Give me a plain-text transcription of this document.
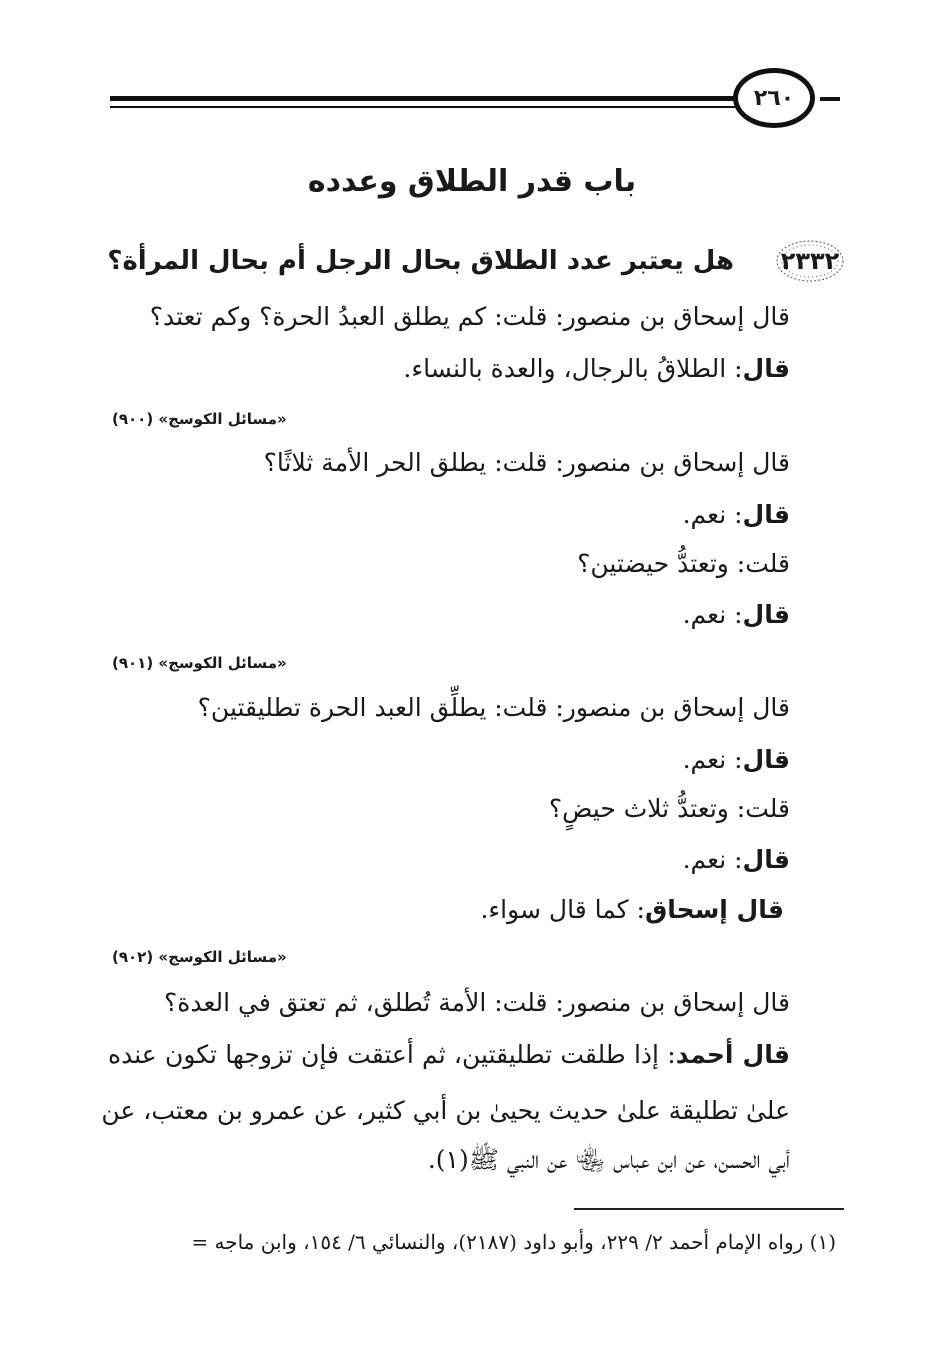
٢٦٠
باب قدر الطلاق وعدده
٢٣٣٢
هل يعتبر عدد الطلاق بحال الرجل أم بحال المرأة؟
قال إسحاق بن منصور: قلت: كم يطلق العبدُ الحرة؟ وكم تعتد؟
قال: الطلاقُ بالرجال، والعدة بالنساء.
«مسائل الكوسج» (٩٠٠)
قال إسحاق بن منصور: قلت: يطلق الحر الأمة ثلاثًا؟
قال: نعم.
قلت: وتعتدُّ حيضتين؟
قال: نعم.
«مسائل الكوسج» (٩٠١)
قال إسحاق بن منصور: قلت: يطلِّق العبد الحرة تطليقتين؟
قال: نعم.
قلت: وتعتدُّ ثلاث حيضٍ؟
قال: نعم.
قال إسحاق: كما قال سواء.
«مسائل الكوسج» (٩٠٢)
قال إسحاق بن منصور: قلت: الأمة تُطلق، ثم تعتق في العدة؟
قال أحمد: إذا طلقت تطليقتين، ثم أعتقت فإن تزوجها تكون عنده
علىٰ تطليقة علىٰ حديث يحيىٰ بن أبي كثير، عن عمرو بن معتب، عن
أبي الحسن، عن ابن عباس ﵄ عن النبي ﷺ(١).
(١) رواه الإمام أحمد ٢/ ٢٢٩، وأبو داود (٢١٨٧)، والنسائي ٦/ ١٥٤، وابن ماجه =
